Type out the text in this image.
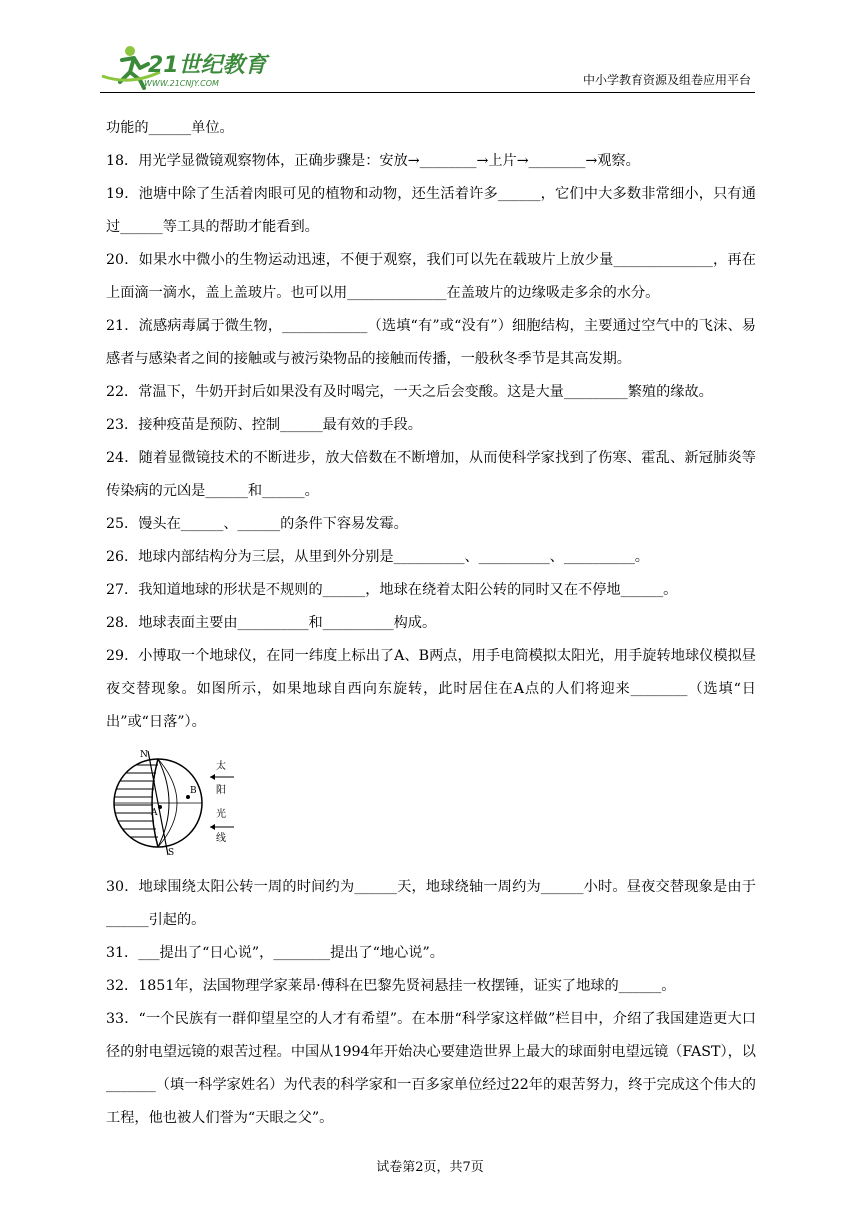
21世纪教育
WWW.21CNJY.COM	中小学教育资源及组卷应用平台

功能的______单位。

18．用光学显微镜观察物体，正确步骤是：安放→________→上片→________→观察。

19．池塘中除了生活着肉眼可见的植物和动物，还生活着许多______，它们中大多数非常细小，只有通过______等工具的帮助才能看到。

20．如果水中微小的生物运动迅速，不便于观察，我们可以先在载玻片上放少量______________，再在上面滴一滴水，盖上盖玻片。也可以用______________在盖玻片的边缘吸走多余的水分。

21．流感病毒属于微生物，____________（选填“有”或“没有”）细胞结构，主要通过空气中的飞沫、易感者与感染者之间的接触或与被污染物品的接触而传播，一般秋冬季节是其高发期。

22．常温下，牛奶开封后如果没有及时喝完，一天之后会变酸。这是大量_________繁殖的缘故。

23．接种疫苗是预防、控制______最有效的手段。

24．随着显微镜技术的不断进步，放大倍数在不断增加，从而使科学家找到了伤寒、霍乱、新冠肺炎等传染病的元凶是______和______。

25．馒头在______、______的条件下容易发霉。

26．地球内部结构分为三层，从里到外分别是__________、__________、__________。

27．我知道地球的形状是不规则的______，地球在绕着太阳公转的同时又在不停地______。

28．地球表面主要由__________和__________构成。

29．小博取一个地球仪，在同一纬度上标出了A、B两点，用手电筒模拟太阳光，用手旋转地球仪模拟昼夜交替现象。如图所示，如果地球自西向东旋转，此时居住在A点的人们将迎来________（选填“日出”或“日落”）。

N
S
A
B
太
阳
光
线

30．地球围绕太阳公转一周的时间约为______天，地球绕轴一周约为______小时。昼夜交替现象是由于______引起的。

31．___提出了“日心说”，________提出了“地心说”。

32．1851年，法国物理学家莱昂·傅科在巴黎先贤祠悬挂一枚摆锤，证实了地球的______。

33．“一个民族有一群仰望星空的人才有希望”。在本册“科学家这样做”栏目中，介绍了我国建造更大口径的射电望远镜的艰苦过程。中国从1994年开始决心要建造世界上最大的球面射电望远镜（FAST），以_______（填一科学家姓名）为代表的科学家和一百多家单位经过22年的艰苦努力，终于完成这个伟大的工程，他也被人们誉为“天眼之父”。

试卷第2页，共7页
